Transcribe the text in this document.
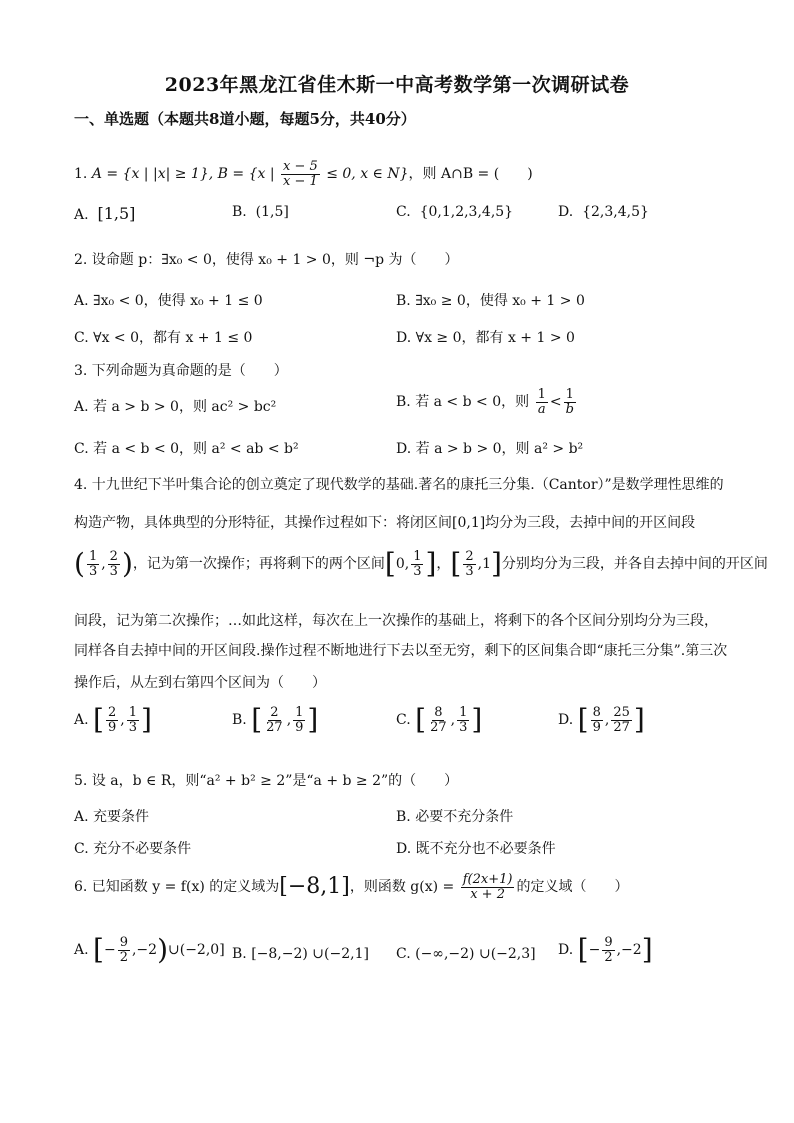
2023年黑龙江省佳木斯一中高考数学第一次调研试卷
一、单选题（本题共8道小题，每题5分，共40分）
1. A = {x | |x| ≥ 1}, B = {x | $\frac{x - 5}{x - 1} \le 0$, x ∈ N}，则 A∩B = (　　)
A. [1,5]	B. (1,5]	C. {0,1,2,3,4,5}	D. {2,3,4,5}
2. 设命题 p：∃x₀ < 0，使得 x₀ + 1 > 0，则 ¬p 为（　　）
A. ∃x₀ < 0，使得 x₀ + 1 ≤ 0	B. ∃x₀ ≥ 0，使得 x₀ + 1 > 0
C. ∀x < 0，都有 x + 1 ≤ 0	D. ∀x ≥ 0，都有 x + 1 > 0
3. 下列命题为真命题的是（　　）
A. 若 a > b > 0，则 ac² > bc²	B. 若 a < b < 0，则 $\frac{1}{a} < \frac{1}{b}$
C. 若 a < b < 0，则 a² < ab < b²	D. 若 a > b > 0，则 a² > b²
4. 十九世纪下半叶集合论的创立奠定了现代数学的基础.著名的康托三分集.（Cantor）”是数学理性思维的
构造产物，具体典型的分形特征，其操作过程如下：将闭区间[0,1]均分为三段，去掉中间的开区间段
( $\frac{1}{3}$ , $\frac{2}{3}$ )，记为第一次操作；再将剩下的两个区间[0, $\frac{1}{3}$ ]，[ $\frac{2}{3} ,1$]分别均分为三段，并各自去掉中间的开区间
间段，记为第二次操作；…如此这样，每次在上一次操作的基础上，将剩下的各个区间分别均分为三段，
同样各自去掉中间的开区间段.操作过程不断地进行下去以至无穷，剩下的区间集合即“康托三分集”.第三次
操作后，从左到右第四个区间为（　　）
A. [ $\frac{2}{9}$ , $\frac{1}{3}$ ]	B. [ $\frac{2}{27}$ , $\frac{1}{9}$ ]	C. [ $\frac{8}{27}$ , $\frac{1}{3}$ ]	D. [ $\frac{8}{9}$ , $\frac{25}{27}$ ]
5. 设 a，b ∈ R，则“a² + b² ≥ 2”是“a + b ≥ 2”的（　　）
A. 充要条件	B. 必要不充分条件
C. 充分不必要条件	D. 既不充分也不必要条件
6. 已知函数 y = f(x) 的定义域为[−8,1]，则函数 $g(x) = \frac{f(2x+1)}{x + 2}$ 的定义域（　　）
A. [− $\frac{9}{2}$ ,−2)∪(−2,0] B. [−8,−2) ∪(−2,1] C. (−∞,−2) ∪(−2,3] D. [− $\frac{9}{2} ,-2$]
